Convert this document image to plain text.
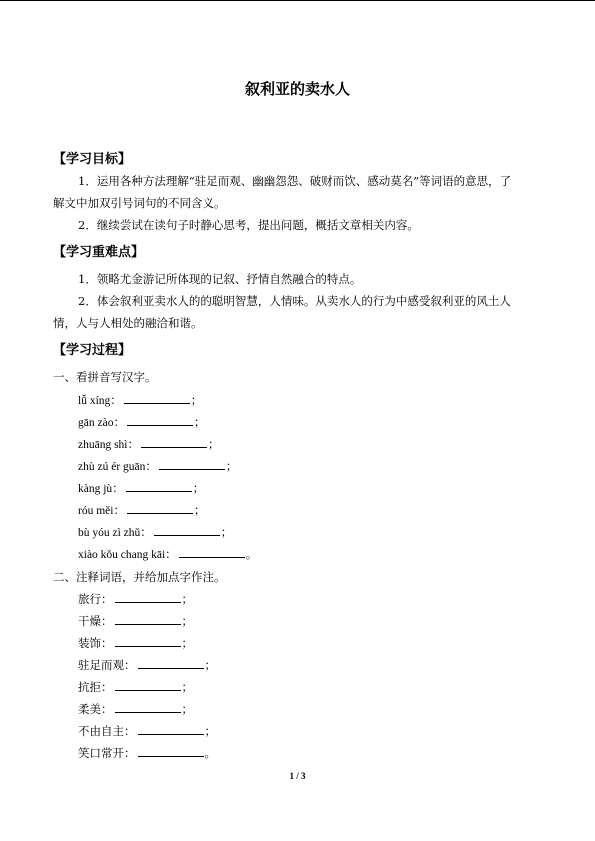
叙利亚的卖水人
【学习目标】
1．运用各种方法理解“驻足而观、幽幽怨怨、破财而饮、感动莫名”等词语的意思，了
解文中加双引号词句的不同含义。
2．继续尝试在读句子时静心思考，提出问题，概括文章相关内容。
【学习重难点】
1．领略尤金游记所体现的记叙、抒情自然融合的特点。
2．体会叙利亚卖水人的的聪明智慧，人情味。从卖水人的行为中感受叙利亚的风土人
情，人与人相处的融洽和谐。
【学习过程】
一、看拼音写汉字。
lǚ xíng：	；
gān zào：	；
zhuāng shì：	；
zhù zú ér guān：	；
kàng jù：	；
róu měi：	；
bù yóu zì zhǔ：	；
xiào kǒu chang kāi：	。
二、注释词语，并给加点字作注。
旅行：	；
干燥：	；
装饰：	；
驻足而观：	；
抗拒：	；
柔美：	；
不由自主：	；
笑口常开：	。
1 / 3
